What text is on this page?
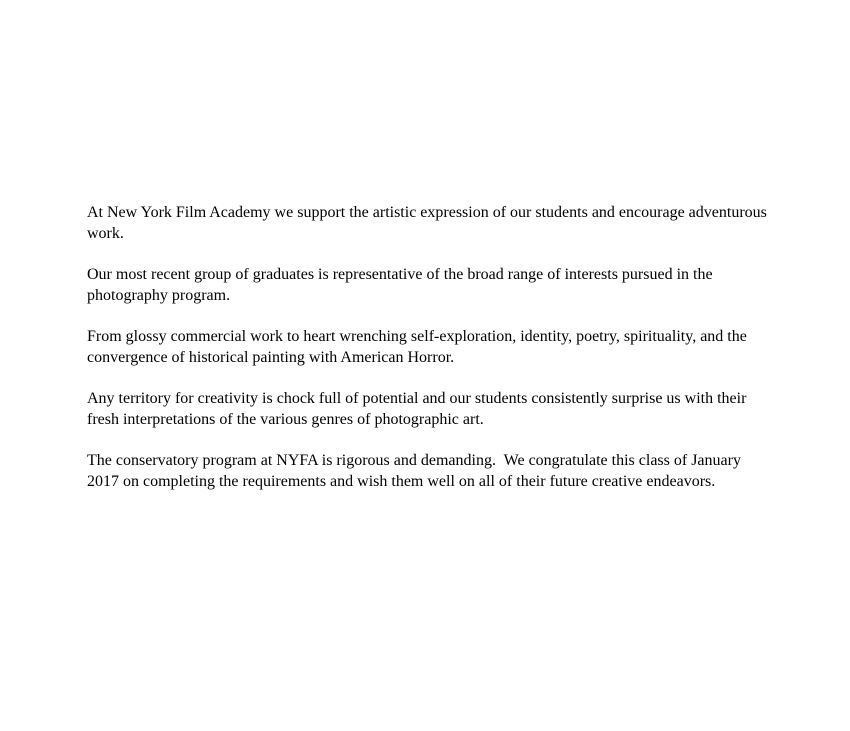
At New York Film Academy we support the artistic expression of our students and encourage adventurous work.

Our most recent group of graduates is representative of the broad range of interests pursued in the photography program.

From glossy commercial work to heart wrenching self-exploration, identity, poetry, spirituality, and the convergence of historical painting with American Horror.

Any territory for creativity is chock full of potential and our students consistently surprise us with their fresh interpretations of the various genres of photographic art.

The conservatory program at NYFA is rigorous and demanding.  We congratulate this class of January 2017 on completing the requirements and wish them well on all of their future creative endeavors.
